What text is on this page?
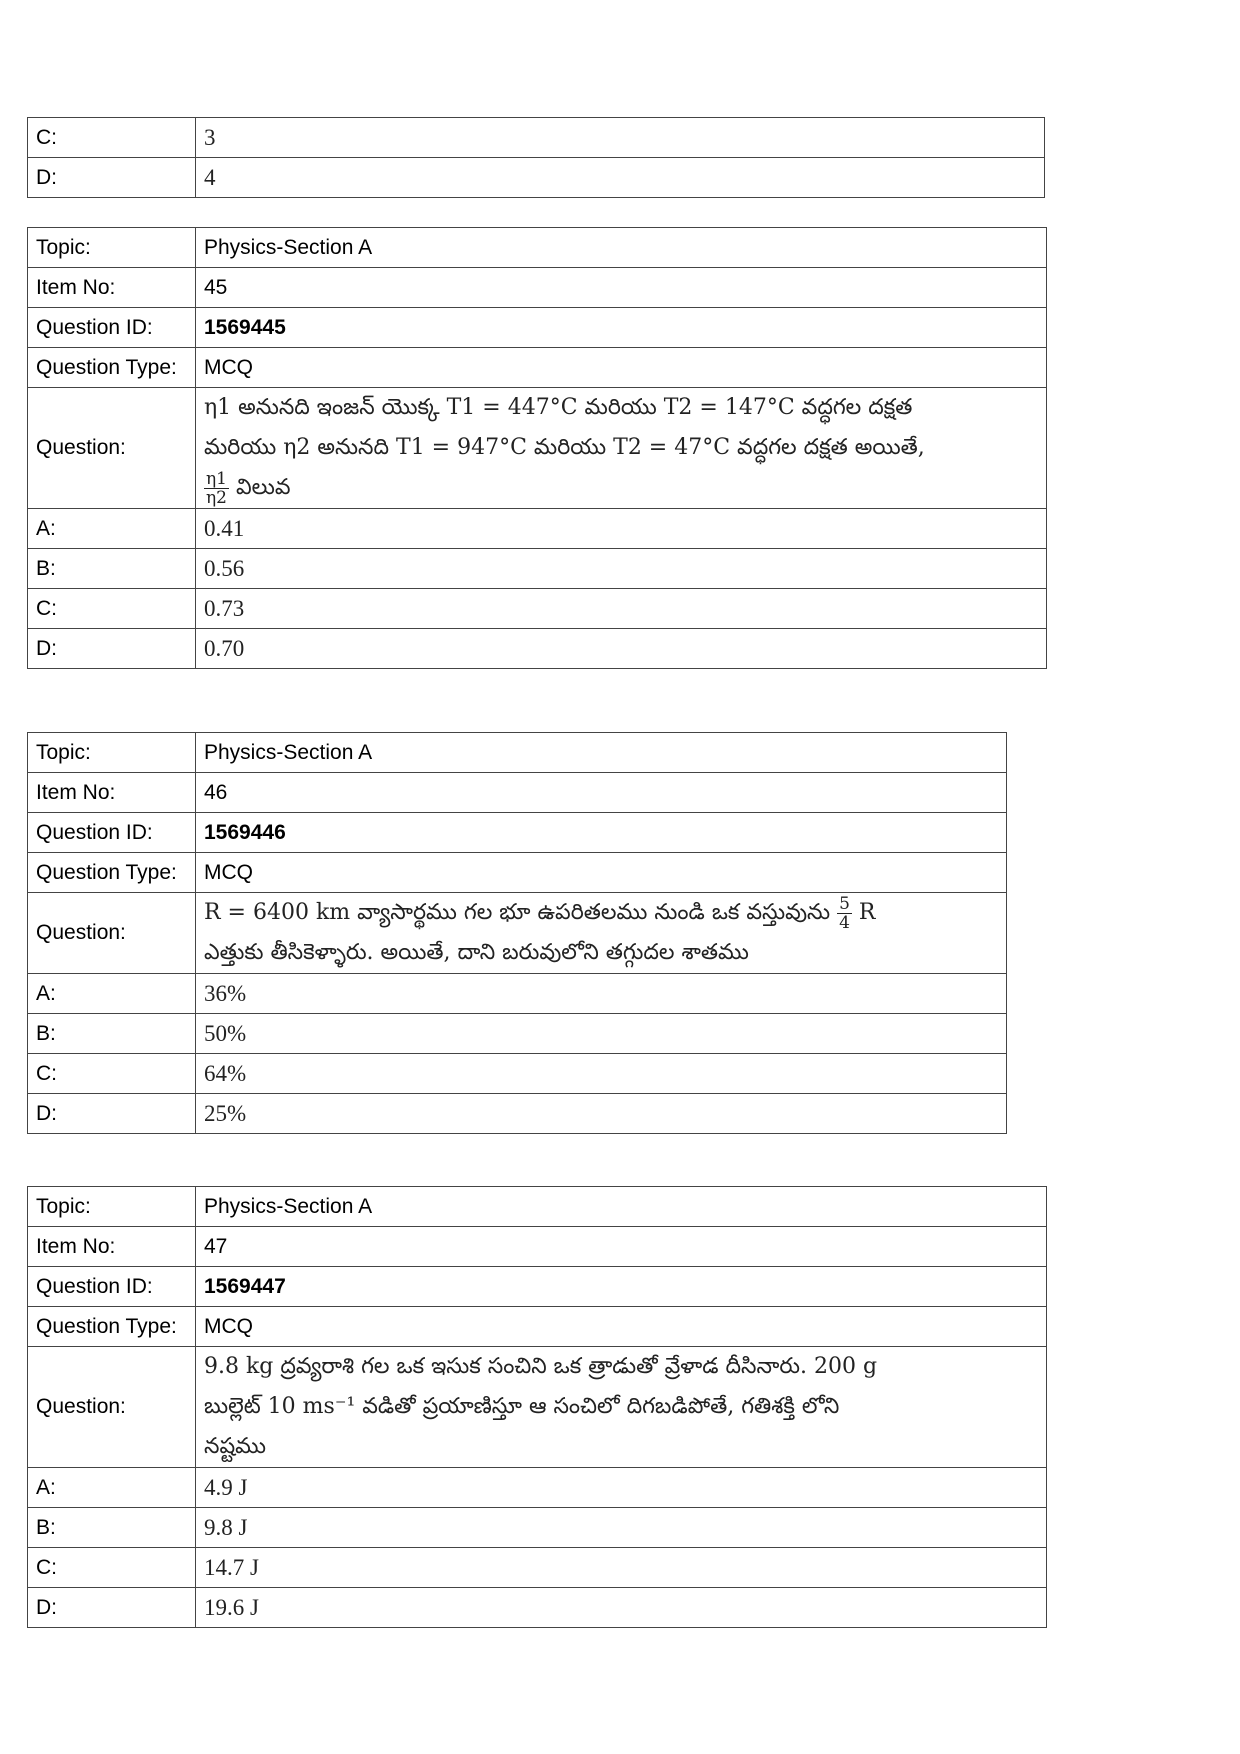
C:	3
D:	4
Topic:	Physics-Section A
Item No:	45
Question ID:	1569445
Question Type:	MCQ
Question:	η1 అనునది ఇంజన్ యొక్క T1 = 447°C మరియు T2 = 147°C వద్ధగల దక్షత
మరియు η2 అనునది T1 = 947°C మరియు T2 = 47°C వద్ధగల దక్షత అయితే,
$\frac{\eta 1}{\eta 2}$ విలువ

A:	0.41
B:	0.56
C:	0.73
D:	0.70
Topic:	Physics-Section A
Item No:	46
Question ID:	1569446
Question Type:	MCQ
Question:	R = 6400 km వ్యాసార్థము గల భూ ఉపరితలము నుండి ఒక వస్తువును $\frac{5}{4}$ R
ఎత్తుకు తీసికెళ్ళారు. అయితే, దాని బరువులోని తగ్గుదల శాతము

A:	36%
B:	50%
C:	64%
D:	25%
Topic:	Physics-Section A
Item No:	47
Question ID:	1569447
Question Type:	MCQ
Question:	9.8 kg ద్రవ్యరాశి గల ఒక ఇసుక సంచిని ఒక త్రాడుతో వ్రేళాడ దీసినారు. 200 g
బుల్లెట్ 10 ms⁻¹ వడితో ప్రయాణిస్తూ ఆ సంచిలో దిగబడిపోతే, గతిశక్తి లోని
నష్టము

A:	4.9 J
B:	9.8 J
C:	14.7 J
D:	19.6 J
